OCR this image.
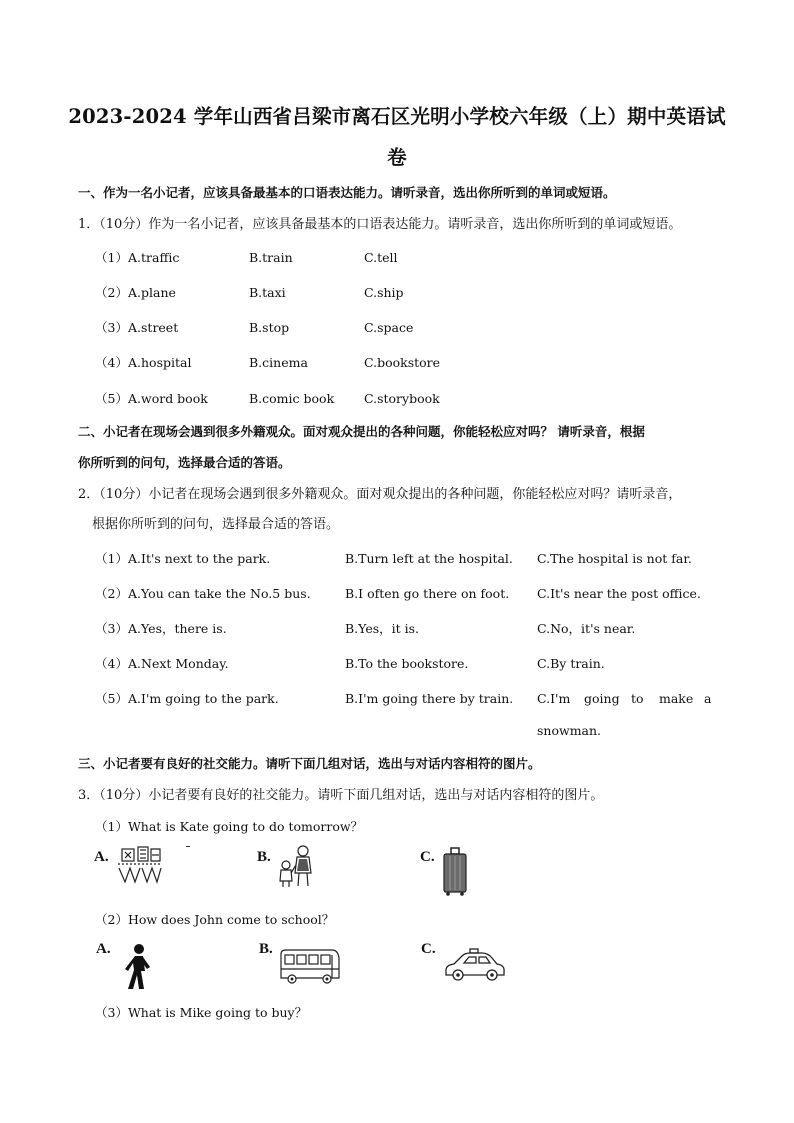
2023-2024 学年山西省吕梁市离石区光明小学校六年级（上）期中英语试
卷
一、作为一名小记者，应该具备最基本的口语表达能力。请听录音，选出你所听到的单词或短语。
1．（10分）作为一名小记者，应该具备最基本的口语表达能力。请听录音，选出你所听到的单词或短语。
（1） A.traffic	B.train	C.tell
（2） A.plane	B.taxi	C.ship
（3） A.street	B.stop	C.space
（4） A.hospital	B.cinema	C.bookstore
（5） A.word book	B.comic book C.storybook
二、小记者在现场会遇到很多外籍观众。面对观众提出的各种问题，你能轻松应对吗？ 请听录音，根据
你所听到的问句，选择最合适的答语。
2．（10分）小记者在现场会遇到很多外籍观众。面对观众提出的各种问题，你能轻松应对吗？请听录音，
根据你所听到的问句，选择最合适的答语。
（1） A.It's next to the park.	B.Turn left at the hospital. C.The hospital is not far.
（2） A.You can take the No.5 bus.	B.I often go there on foot. C.It's near the post office.
（3） A.Yes，there is.	B.Yes，it is.	C.No，it's near.
（4） A.Next Monday.	B.To the bookstore.	C.By train.
（5） A.I'm going to the park.	B.I'm going there by train. C.I'm going to make a
snowman.
三、小记者要有良好的社交能力。请听下面几组对话，选出与对话内容相符的图片。
3．（10分）小记者要有良好的社交能力。请听下面几组对话，选出与对话内容相符的图片。
（1）What is Kate going to do tomorrow？
A.	B.	C.
（2）How does John come to school？
A.	B.	C.
（3）What is Mike going to buy？
